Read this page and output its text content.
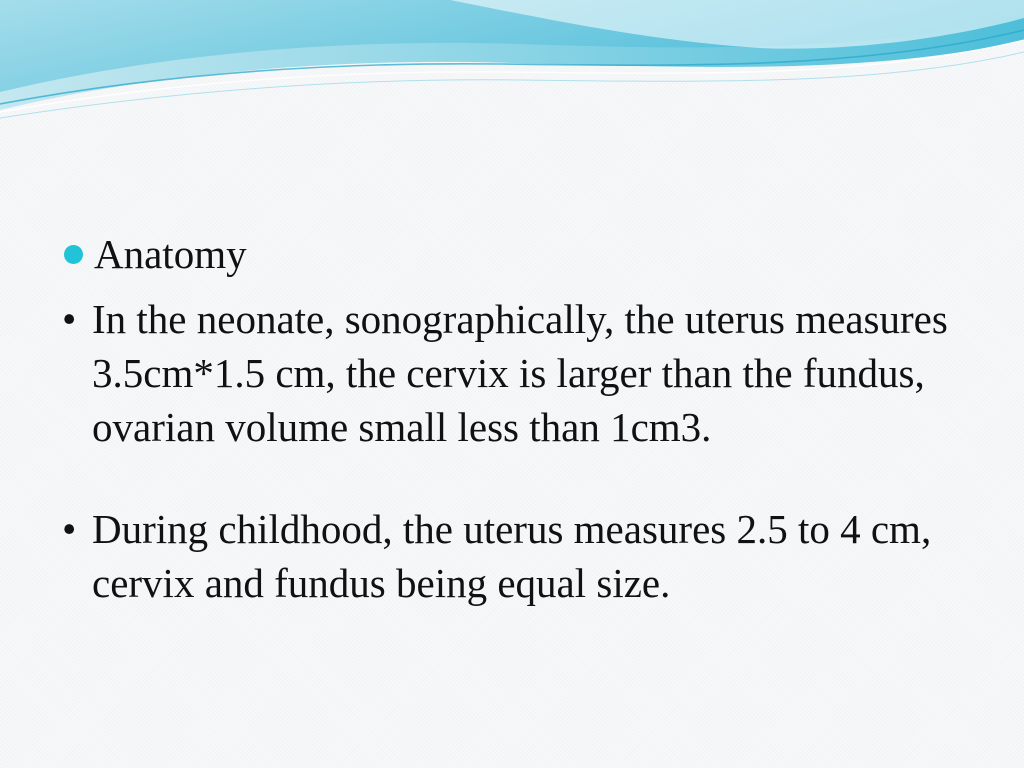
Anatomy

• In the neonate, sonographically, the uterus measures 3.5cm*1.5 cm, the cervix is larger than the fundus, ovarian volume small less than 1cm3.

• During childhood, the uterus measures 2.5 to 4 cm, cervix and fundus being equal size.
